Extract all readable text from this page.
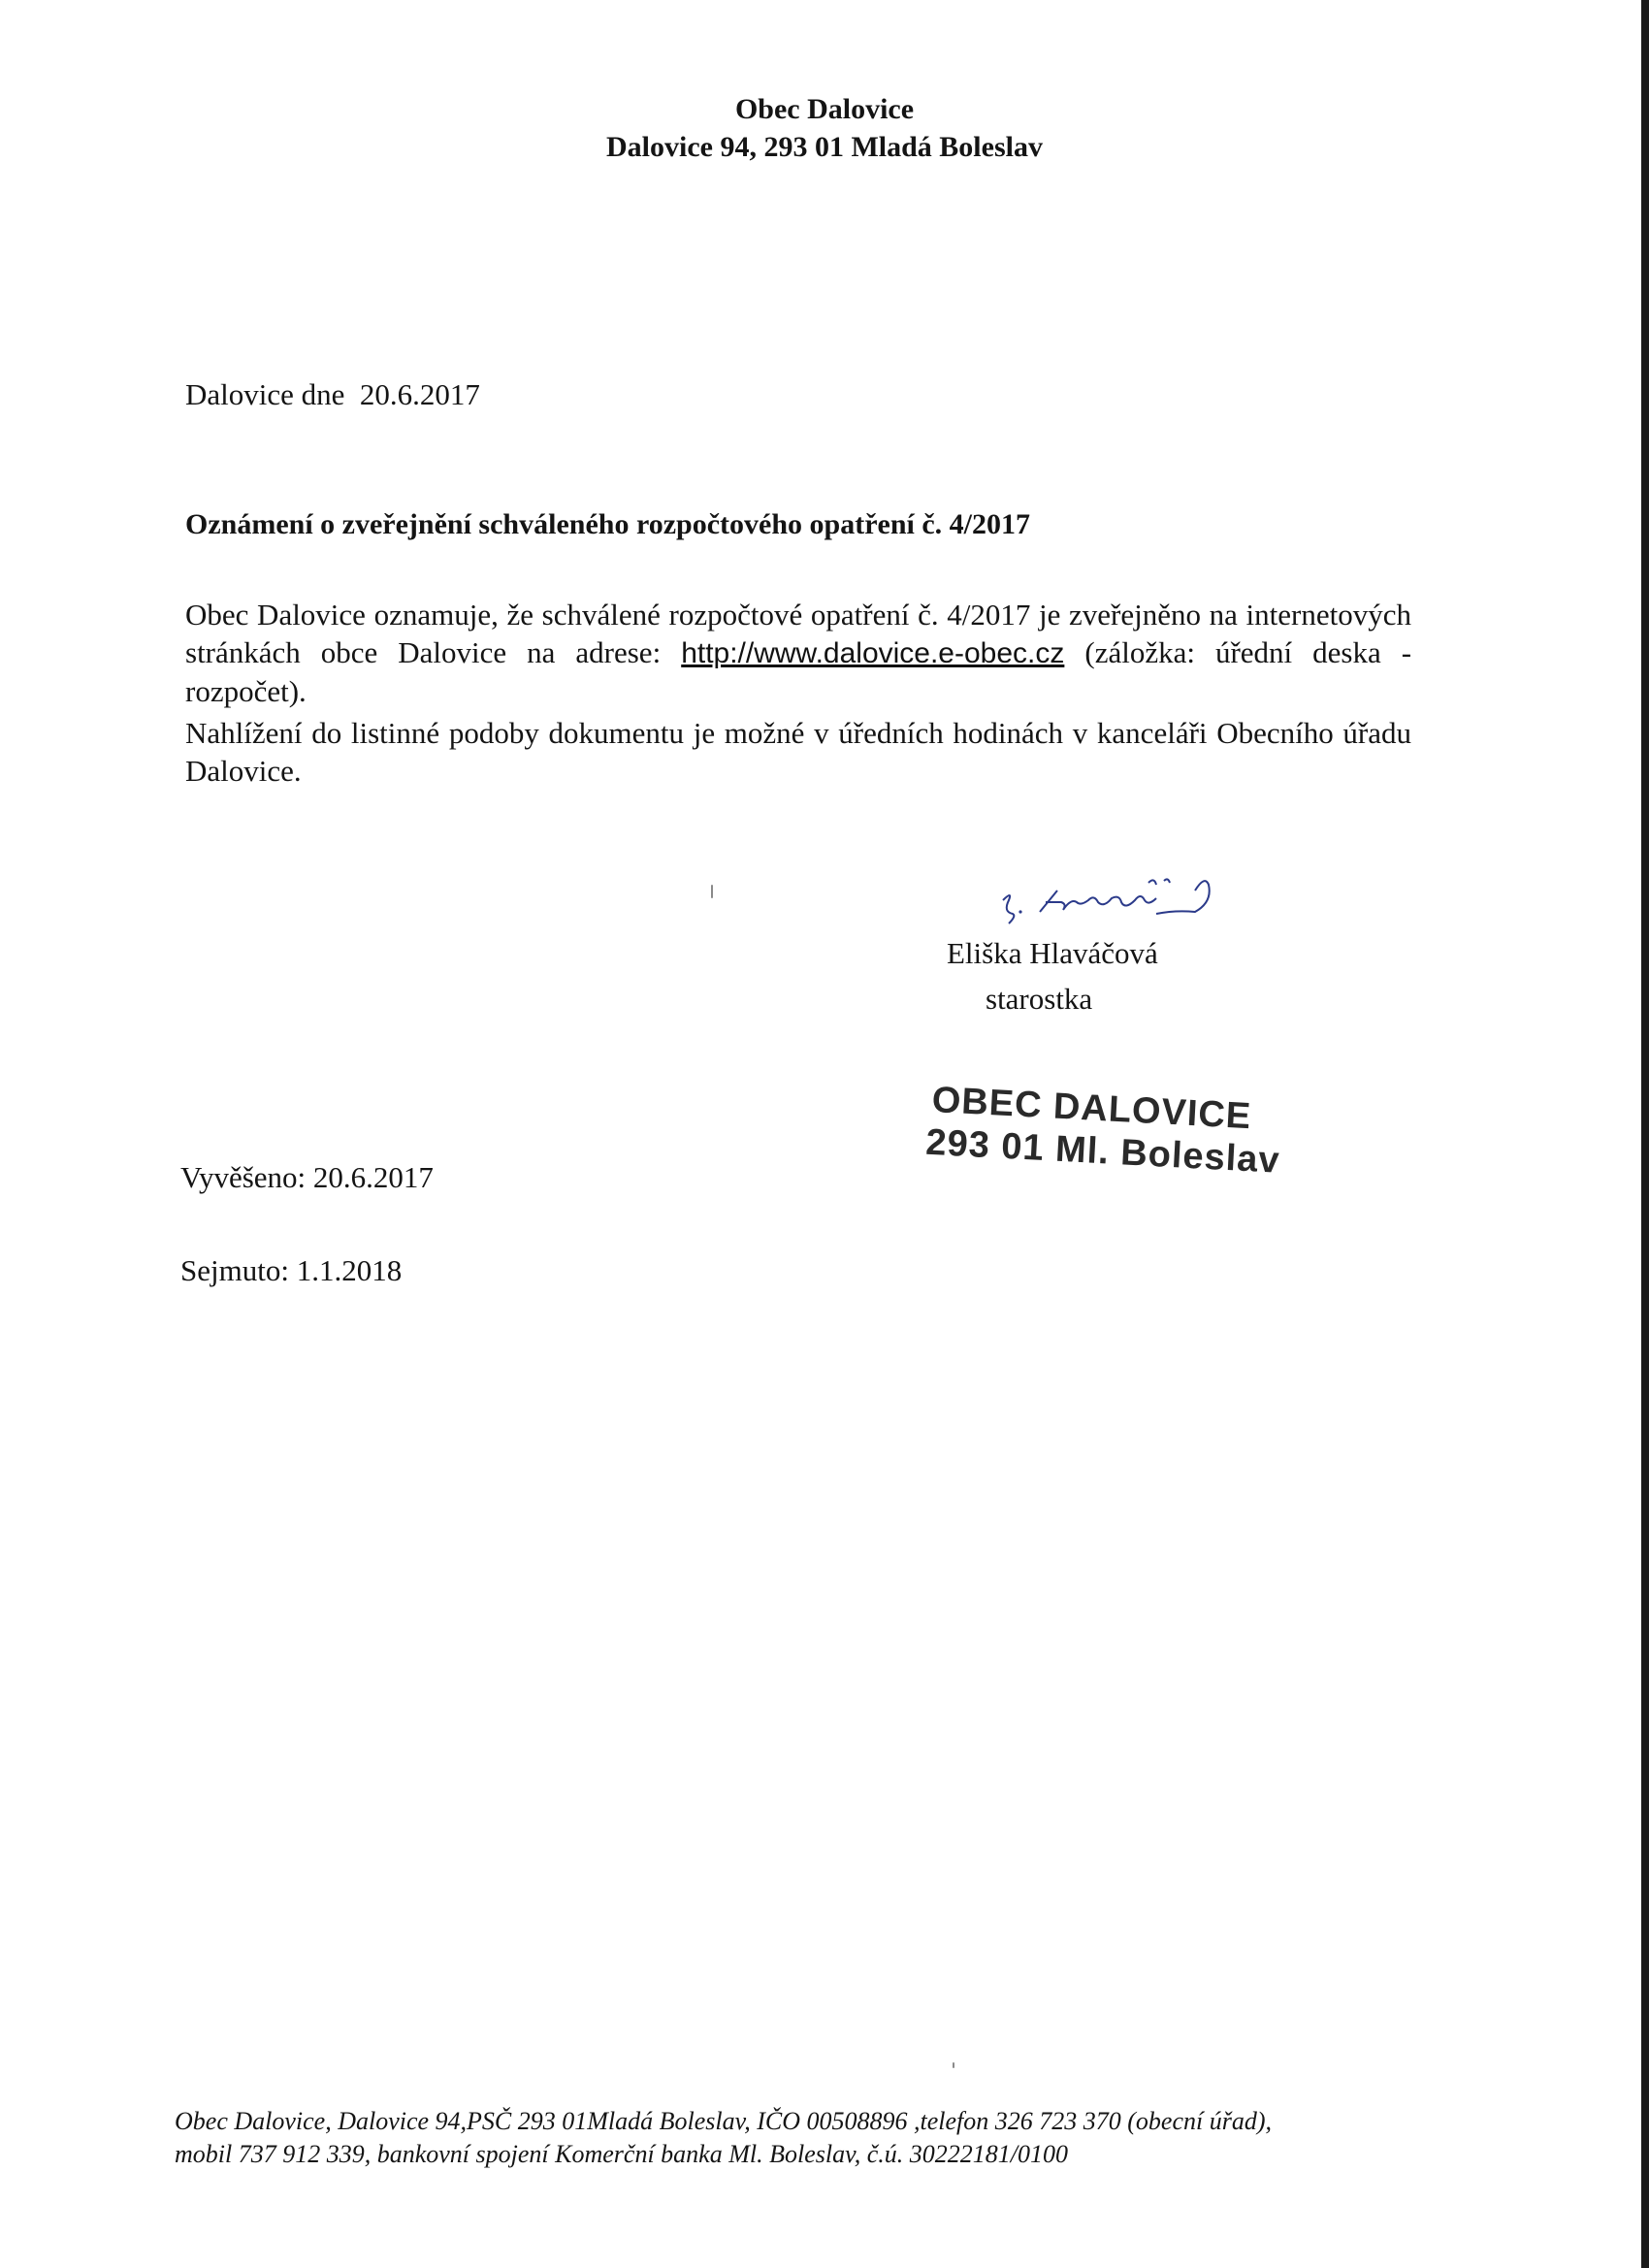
Obec Dalovice
Dalovice 94, 293 01 Mladá Boleslav
Dalovice dne  20.6.2017
Oznámení o zveřejnění schváleného rozpočtového opatření č. 4/2017
Obec Dalovice oznamuje, že schválené rozpočtové opatření č. 4/2017 je zveřejněno na internetových stránkách obce Dalovice na adrese: http://www.dalovice.e-obec.cz (záložka: úřední deska - rozpočet).
Nahlížení do listinné podoby dokumentu je možné v úředních hodinách v kanceláři Obecního úřadu Dalovice.
Eliška Hlaváčová
starostka
OBEC DALOVICE
293 01 Ml. Boleslav
Vyvěšeno: 20.6.2017
Sejmuto: 1.1.2018
Obec Dalovice, Dalovice 94,PSČ 293 01Mladá Boleslav, IČO 00508896 ,telefon 326 723 370 (obecní úřad),
mobil 737 912 339, bankovní spojení Komerční banka Ml. Boleslav, č.ú. 30222181/0100
